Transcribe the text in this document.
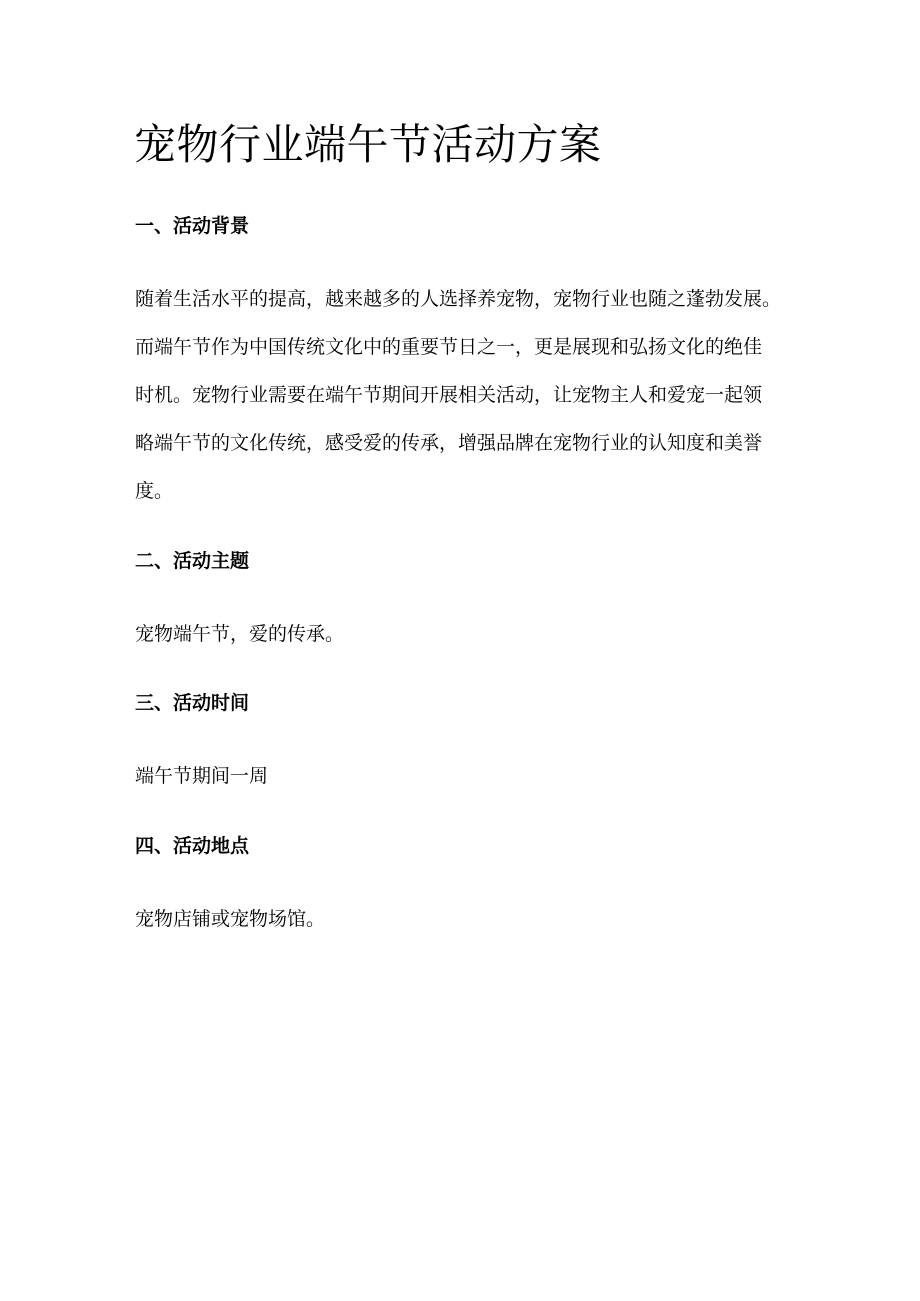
宠物行业端午节活动方案
一、活动背景
随着生活水平的提高，越来越多的人选择养宠物，宠物行业也随之蓬勃发展。
而端午节作为中国传统文化中的重要节日之一，更是展现和弘扬文化的绝佳
时机。宠物行业需要在端午节期间开展相关活动，让宠物主人和爱宠一起领
略端午节的文化传统，感受爱的传承，增强品牌在宠物行业的认知度和美誉
度。
二、活动主题

宠物端午节，爱的传承。

三、活动时间

端午节期间一周

四、活动地点

宠物店铺或宠物场馆。
